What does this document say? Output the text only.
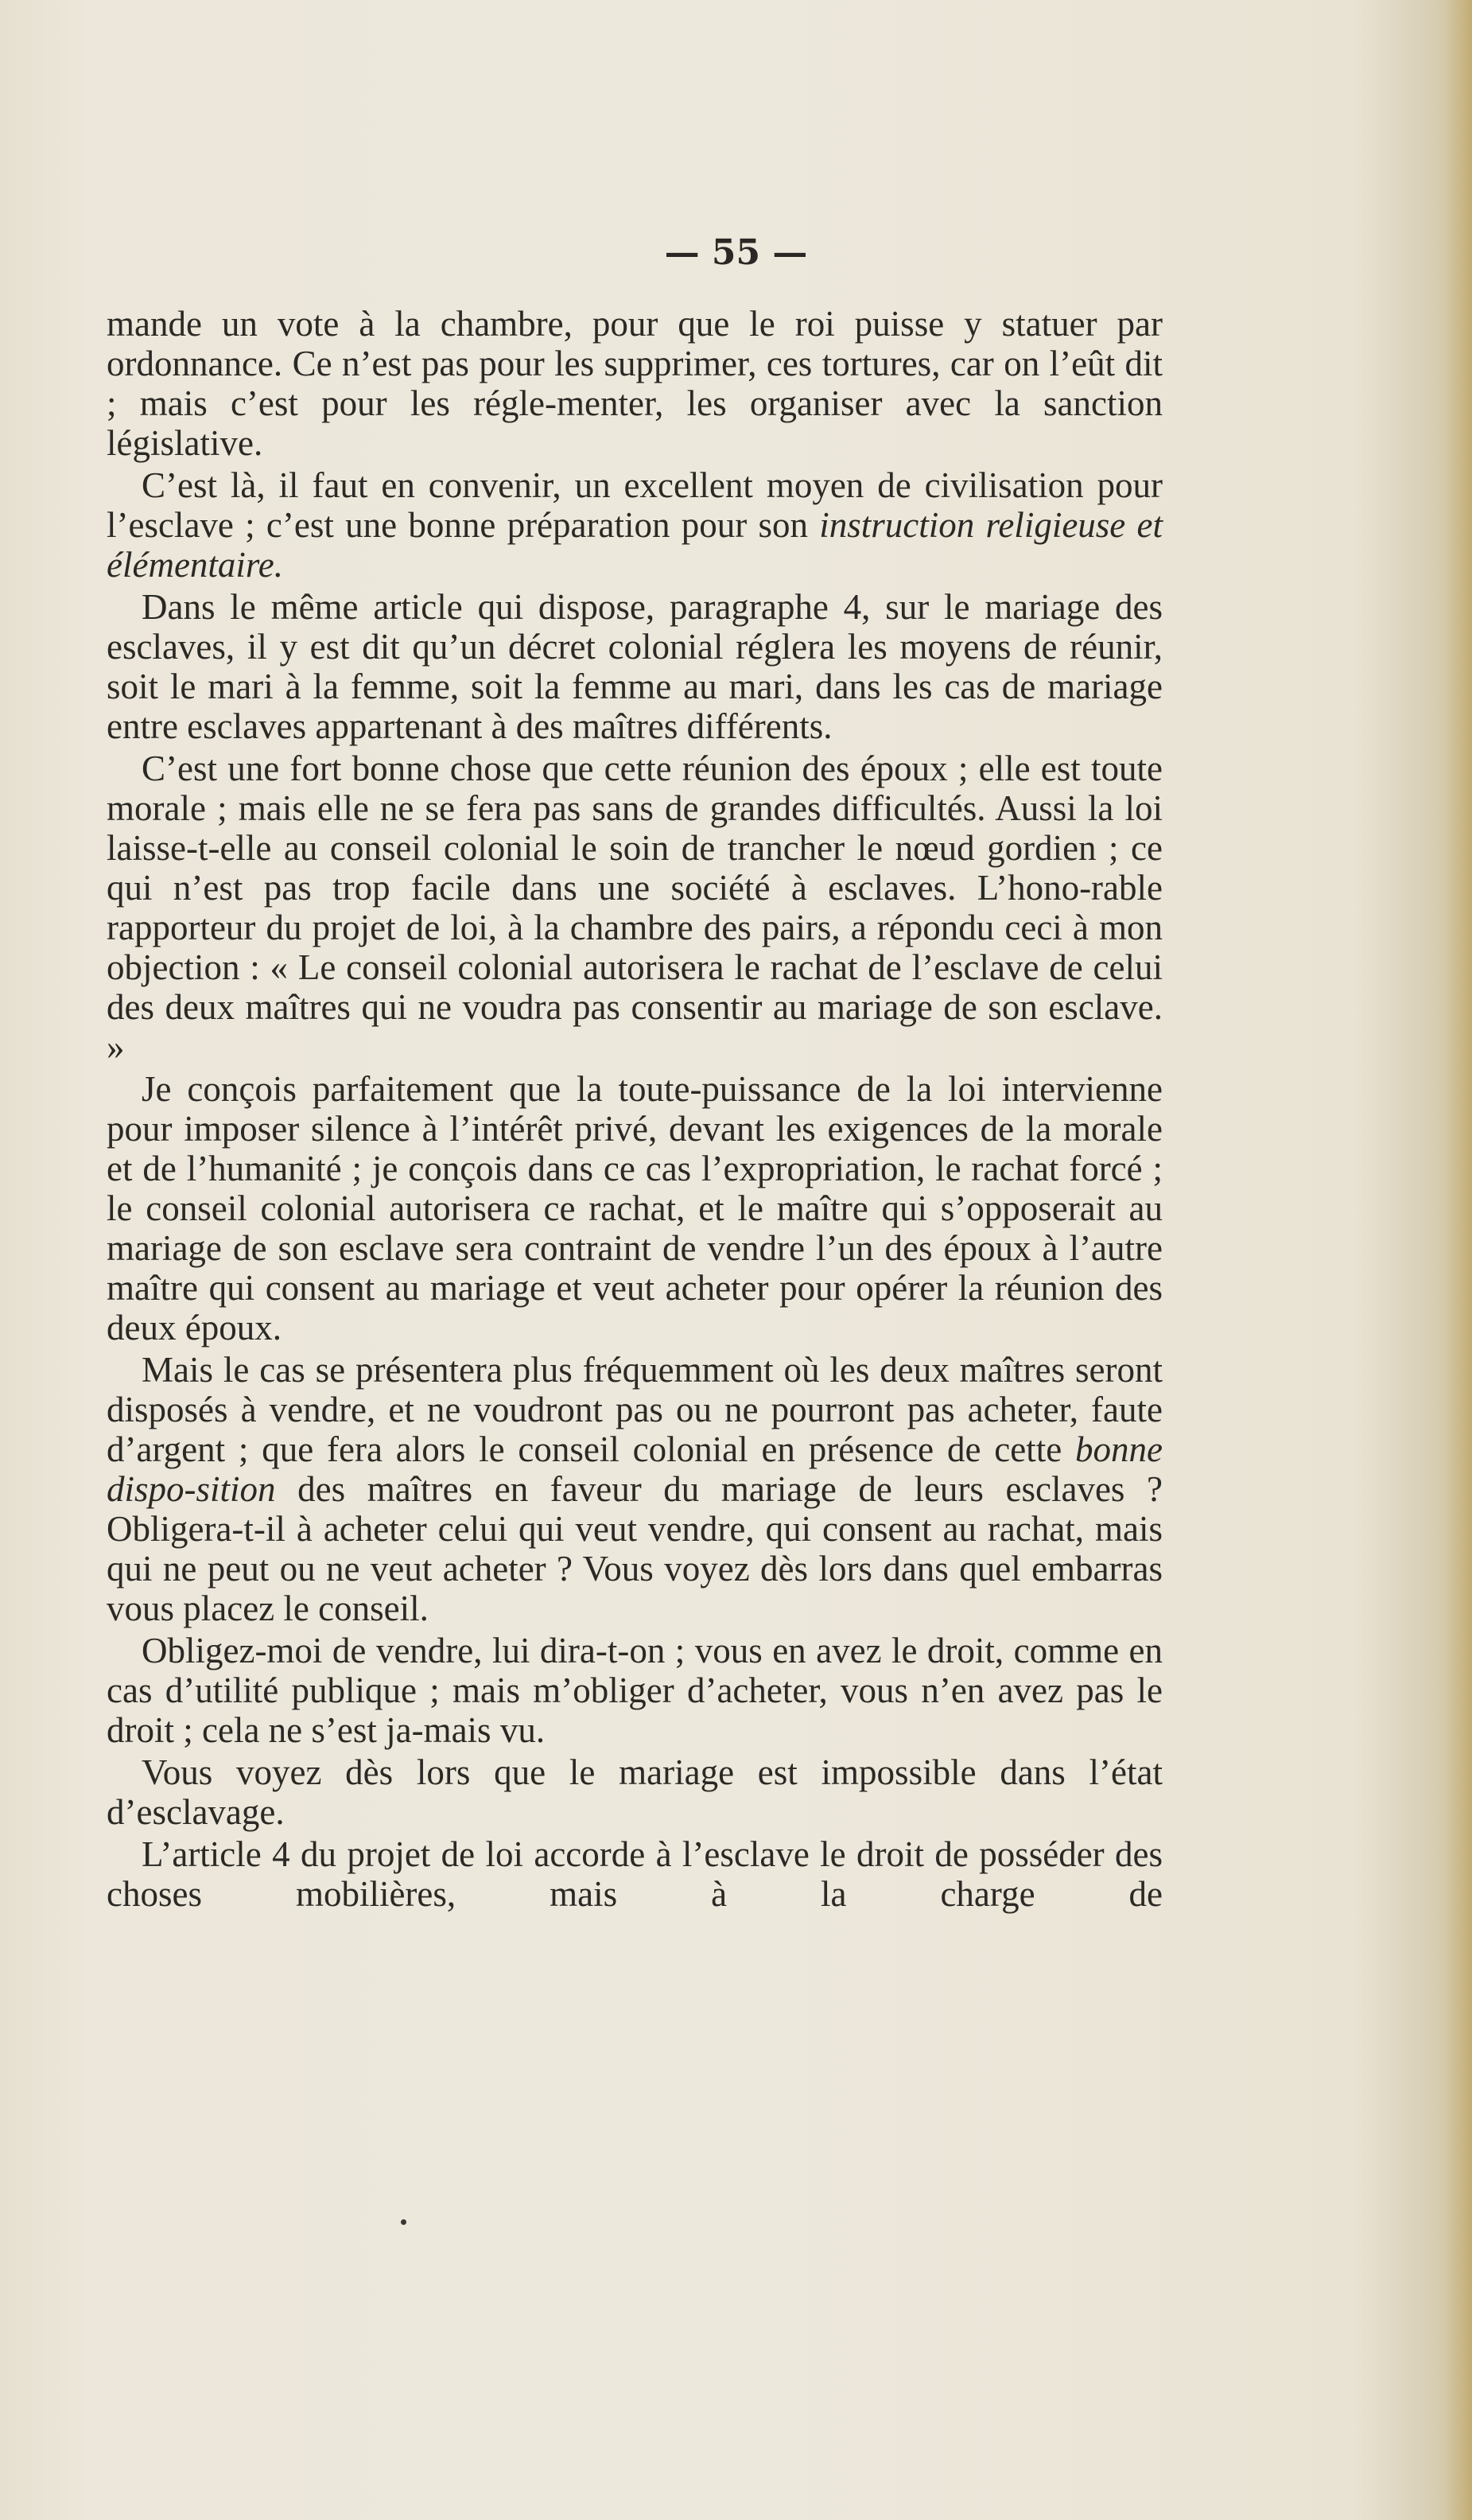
— 55 —

mande un vote à la chambre, pour que le roi puisse y statuer par ordonnance. Ce n’est pas pour les supprimer, ces tortures, car on l’eût dit ; mais c’est pour les régle-menter, les organiser avec la sanction législative.

C’est là, il faut en convenir, un excellent moyen de civilisation pour l’esclave ; c’est une bonne préparation pour son instruction religieuse et élémentaire.

Dans le même article qui dispose, paragraphe 4, sur le mariage des esclaves, il y est dit qu’un décret colonial réglera les moyens de réunir, soit le mari à la femme, soit la femme au mari, dans les cas de mariage entre esclaves appartenant à des maîtres différents.

C’est une fort bonne chose que cette réunion des époux ; elle est toute morale ; mais elle ne se fera pas sans de grandes difficultés. Aussi la loi laisse-t-elle au conseil colonial le soin de trancher le nœud gordien ; ce qui n’est pas trop facile dans une société à esclaves. L’hono-rable rapporteur du projet de loi, à la chambre des pairs, a répondu ceci à mon objection : « Le conseil colonial autorisera le rachat de l’esclave de celui des deux maîtres qui ne voudra pas consentir au mariage de son esclave. »

Je conçois parfaitement que la toute-puissance de la loi intervienne pour imposer silence à l’intérêt privé, devant les exigences de la morale et de l’humanité ; je conçois dans ce cas l’expropriation, le rachat forcé ; le conseil colonial autorisera ce rachat, et le maître qui s’opposerait au mariage de son esclave sera contraint de vendre l’un des époux à l’autre maître qui consent au mariage et veut acheter pour opérer la réunion des deux époux.

Mais le cas se présentera plus fréquemment où les deux maîtres seront disposés à vendre, et ne voudront pas ou ne pourront pas acheter, faute d’argent ; que fera alors le conseil colonial en présence de cette bonne dispo-sition des maîtres en faveur du mariage de leurs esclaves ? Obligera-t-il à acheter celui qui veut vendre, qui consent au rachat, mais qui ne peut ou ne veut acheter ? Vous voyez dès lors dans quel embarras vous placez le conseil.

Obligez-moi de vendre, lui dira-t-on ; vous en avez le droit, comme en cas d’utilité publique ; mais m’obliger d’acheter, vous n’en avez pas le droit ; cela ne s’est ja-mais vu.

Vous voyez dès lors que le mariage est impossible dans l’état d’esclavage.

L’article 4 du projet de loi accorde à l’esclave le droit de posséder des choses mobilières, mais à la charge de
